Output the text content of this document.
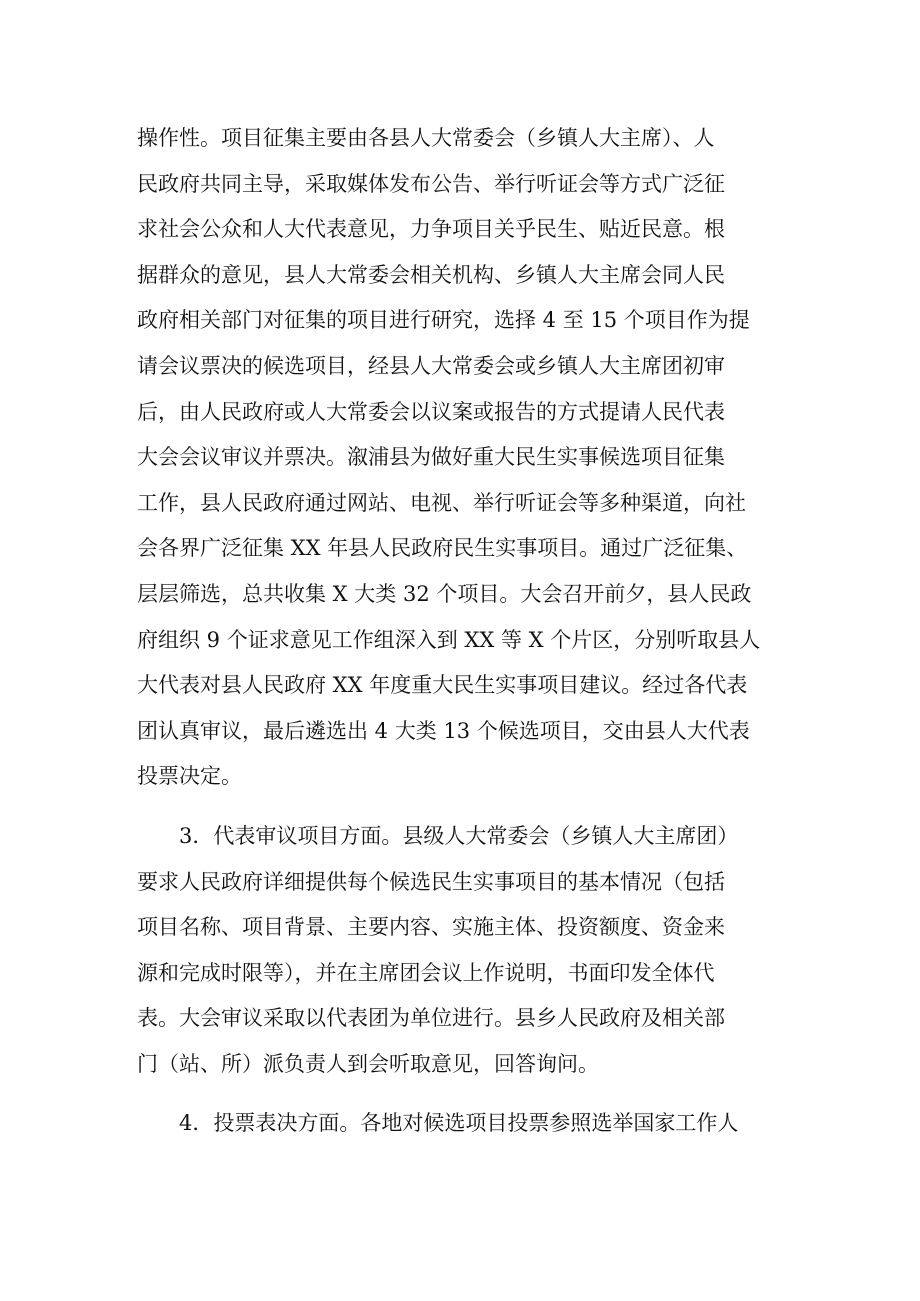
操作性。项目征集主要由各县人大常委会（乡镇人大主席）、人
民政府共同主导，采取媒体发布公告、举行听证会等方式广泛征
求社会公众和人大代表意见，力争项目关乎民生、贴近民意。根
据群众的意见，县人大常委会相关机构、乡镇人大主席会同人民
政府相关部门对征集的项目进行研究，选择 4 至 15 个项目作为提
请会议票决的候选项目，经县人大常委会或乡镇人大主席团初审
后，由人民政府或人大常委会以议案或报告的方式提请人民代表
大会会议审议并票决。溆浦县为做好重大民生实事候选项目征集
工作，县人民政府通过网站、电视、举行听证会等多种渠道，向社
会各界广泛征集 XX 年县人民政府民生实事项目。通过广泛征集、
层层筛选，总共收集 X 大类 32 个项目。大会召开前夕，县人民政
府组织 9 个证求意见工作组深入到 XX 等 X 个片区，分别听取县人
大代表对县人民政府 XX 年度重大民生实事项目建议。经过各代表
团认真审议，最后遴选出 4 大类 13 个候选项目，交由县人大代表
投票决定。
　　3．代表审议项目方面。县级人大常委会（乡镇人大主席团）
要求人民政府详细提供每个候选民生实事项目的基本情况（包括
项目名称、项目背景、主要内容、实施主体、投资额度、资金来
源和完成时限等），并在主席团会议上作说明，书面印发全体代
表。大会审议采取以代表团为单位进行。县乡人民政府及相关部
门（站、所）派负责人到会听取意见，回答询问。
　　4．投票表决方面。各地对候选项目投票参照选举国家工作人
